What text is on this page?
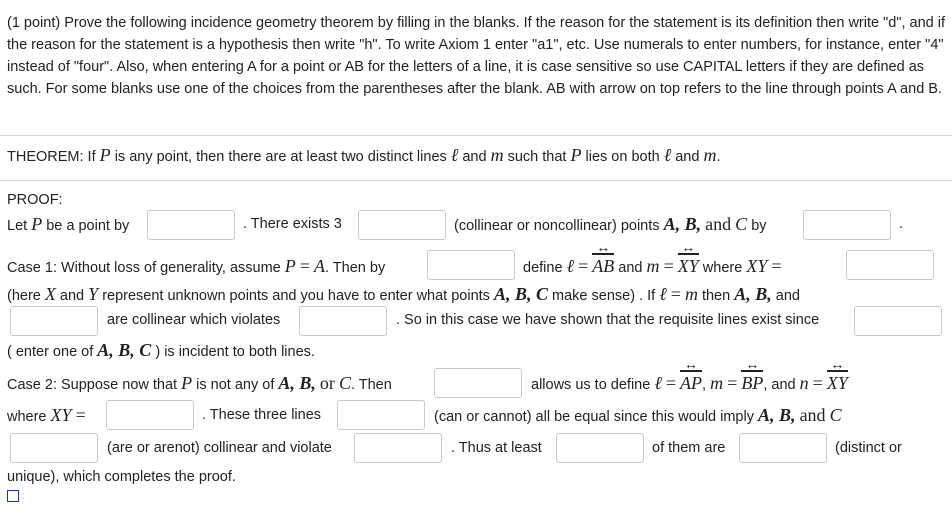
(1 point) Prove the following incidence geometry theorem by filling in the blanks. If the reason for the statement is its definition then write "d", and if the reason for the statement is a hypothesis then write "h". To write Axiom 1 enter "a1", etc. Use numerals to enter numbers, for instance, enter "4" instead of "four". Also, when entering A for a point or AB for the letters of a line, it is case sensitive so use CAPITAL letters if they are defined as such. For some blanks use one of the choices from the parentheses after the blank. AB with arrow on top refers to the line through points A and B.
THEOREM: If P is any point, then there are at least two distinct lines ℓ and m such that P lies on both ℓ and m.
PROOF:
Let P be a point by	. There exists 3	(collinear or noncollinear) points A, B, and C by	.
Case 1: Without loss of generality, assume P = A. Then by	define ℓ = AB ↔ and m = XY ↔ where XY =
(here X and Y represent unknown points and you have to enter what points A, B, C make sense) . If ℓ = m then A, B, and
are collinear which violates	. So in this case we have shown that the requisite lines exist since
( enter one of A, B, C ) is incident to both lines.
Case 2: Suppose now that P is not any of A, B, or C. Then	allows us to define ℓ = AP ↔, m = BP ↔, and n = XY ↔
where XY =	. These three lines	(can or cannot) all be equal since this would imply A, B, and C
(are or arenot) collinear and violate	. Thus at least	of them are	(distinct or
unique), which completes the proof.
